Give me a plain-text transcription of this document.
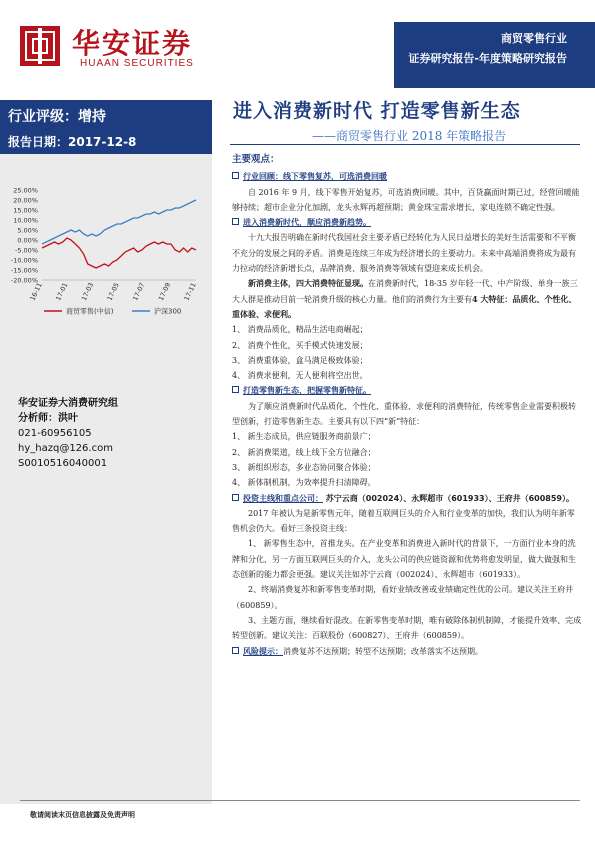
华安证券
HUAAN SECURITIES
商贸零售行业
证券研究报告-年度策略研究报告
行业评级：增持
报告日期：2017-12-8
25.00%
20.00%
15.00%
10.00%
5.00%
0.00%
-5.00%
-10.00%
-15.00%
-20.00%
16-11 17-01 17-03 17-05 17-07 17-09 17-11
商贸零售(中信)	沪深300
华安证券大消费研究组
分析师：洪叶
021-60956105
hy_hazq@126.com
S0010516040001
进入消费新时代 打造零售新生态
——商贸零售行业 2018 年策略报告
主要观点：
行业回顾：线下零售复苏，可选消费回暖
自 2016 年 9 月，线下零售开始复苏，可选消费回暖。其中，百货赢面时期已过，经营回暖能够持续；超市企业分化加剧，龙头永辉再超预期；黄金珠宝需求增长，家电连锁不确定性强。
进入消费新时代，顺应消费新趋势。
十九大报告明确在新时代我国社会主要矛盾已经转化为人民日益增长的美好生活需要和不平衡不充分的发展之间的矛盾。消费是连续三年成为经济增长的主要动力。未来中高端消费将成为最有力拉动的经济新增长点，品牌消费、服务消费等领域有望迎来成长机会。
新消费主体，四大消费特征显现。在消费新时代，18-35 岁年轻一代、中产阶级、单身一族三大人群是推动目前一轮消费升级的核心力量。他们的消费行为主要有4 大特征：品质化、个性化、重体验、求便利。
1、 消费品质化，精品生活电商崛起；
2、 消费个性化，买手模式快速发展；
3、 消费重体验，盒马满足极致体验；
4、 消费求便利，无人便利将空出世。
打造零售新生态，把握零售新特征。
为了顺应消费新时代品质化、个性化、重体验、求便利的消费特征，传统零售企业需要积极转型创新，打造零售新生态。主要具有以下四“新”特征：
1、 新生态成员，供应链服务商前景广；
2、 新消费渠道，线上线下全方位融合；
3、 新组织形态，多业态协同聚合体验；
4、 新体制机制，为效率提升扫清障碍。
投资主线和重点公司： 苏宁云商（002024）、永辉超市（601933）、王府井（600859）。
2017 年被认为是新零售元年，随着互联网巨头的介入和行业变革的加快，我们认为明年新零售机会仍大。看好三条投资主线：
1、 新零售生态中，首推龙头。在产业变革和消费进入新时代的背景下，一方面行业本身的洗牌和分化，另一方面互联网巨头的介入，龙头公司的供应链资源和优势将愈发明显，做大做强和生态创新的能力都会更强。建议关注如苏宁云商（002024）、永辉超市（601933）。
2、终端消费复苏和新零售变革时期，看好业绩改善或业绩确定性优的公司。建议关注王府井（600859）。
3、主题方面，继续看好混改。在新零售变革时期，唯有破除体制机制障，才能提升效率、完成转型创新。建议关注：百联股份（600827）、王府井（600859）。
风险提示：消费复苏不达预期；转型不达预期；改革落实不达预期。
敬请阅读末页信息披露及免责声明
